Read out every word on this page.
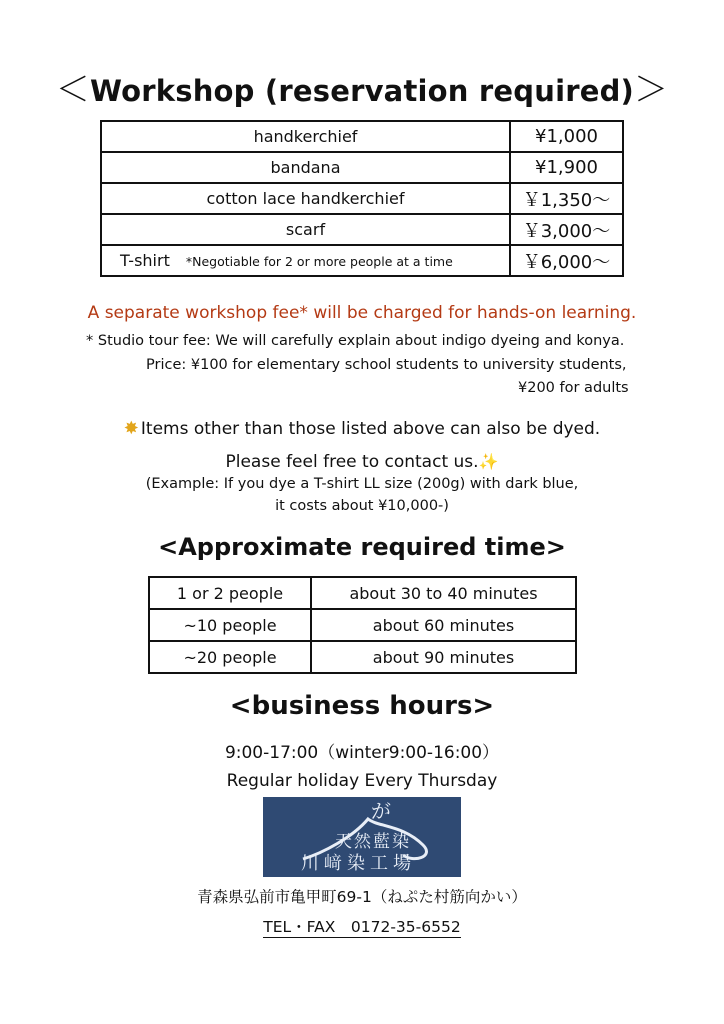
＜Workshop (reservation required)＞
handkerchief	¥1,000
bandana	¥1,900
cotton lace handkerchief	￥1,350～
scarf	￥3,000〜
T-shirt *Negotiable for 2 or more people at a time	￥6,000～
A separate workshop fee* will be charged for hands-on learning.
* Studio tour fee: We will carefully explain about indigo dyeing and konya.
Price: ¥100 for elementary school students to university students,
¥200 for adults
✸ Items other than those listed above can also be dyed.
Please feel free to contact us.✨
(Example: If you dye a T-shirt LL size (200g) with dark blue,
it costs about ¥10,000-)
<Approximate required time>
1 or 2 people	about 30 to 40 minutes
~10 people	about 60 minutes
~20 people	about 90 minutes
<business hours>
9:00-17:00（winter9:00-16:00）
Regular holiday Every Thursday
が
天然藍染
川﨑染工場
青森県弘前市亀甲町69-1（ねぷた村筋向かい）
TEL・FAX　0172-35-6552
